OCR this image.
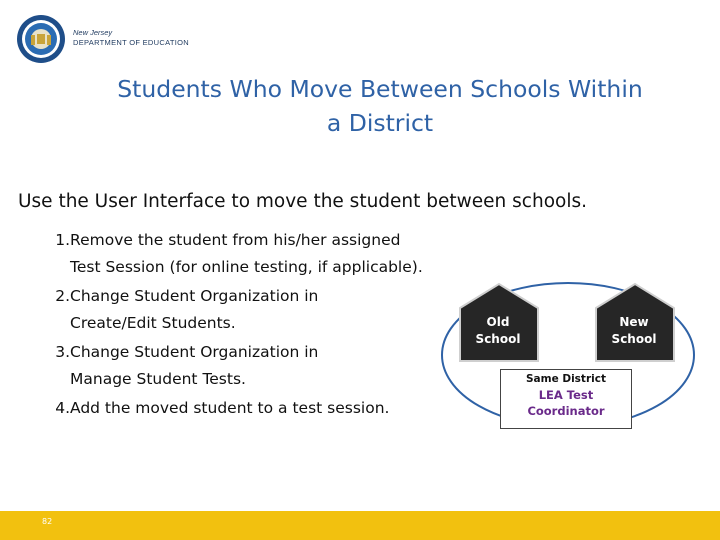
New Jersey
DEPARTMENT OF EDUCATION
Students Who Move Between Schools Within
a District
Use the User Interface to move the student between schools.
1. Remove the student from his/her assigned
Test Session (for online testing, if applicable).
2. Change Student Organization in
Create/Edit Students.
3. Change Student Organization in
Manage Student Tests.
4. Add the moved student to a test session.
Old
School
New
School
Same District
LEA Test
Coordinator
82
